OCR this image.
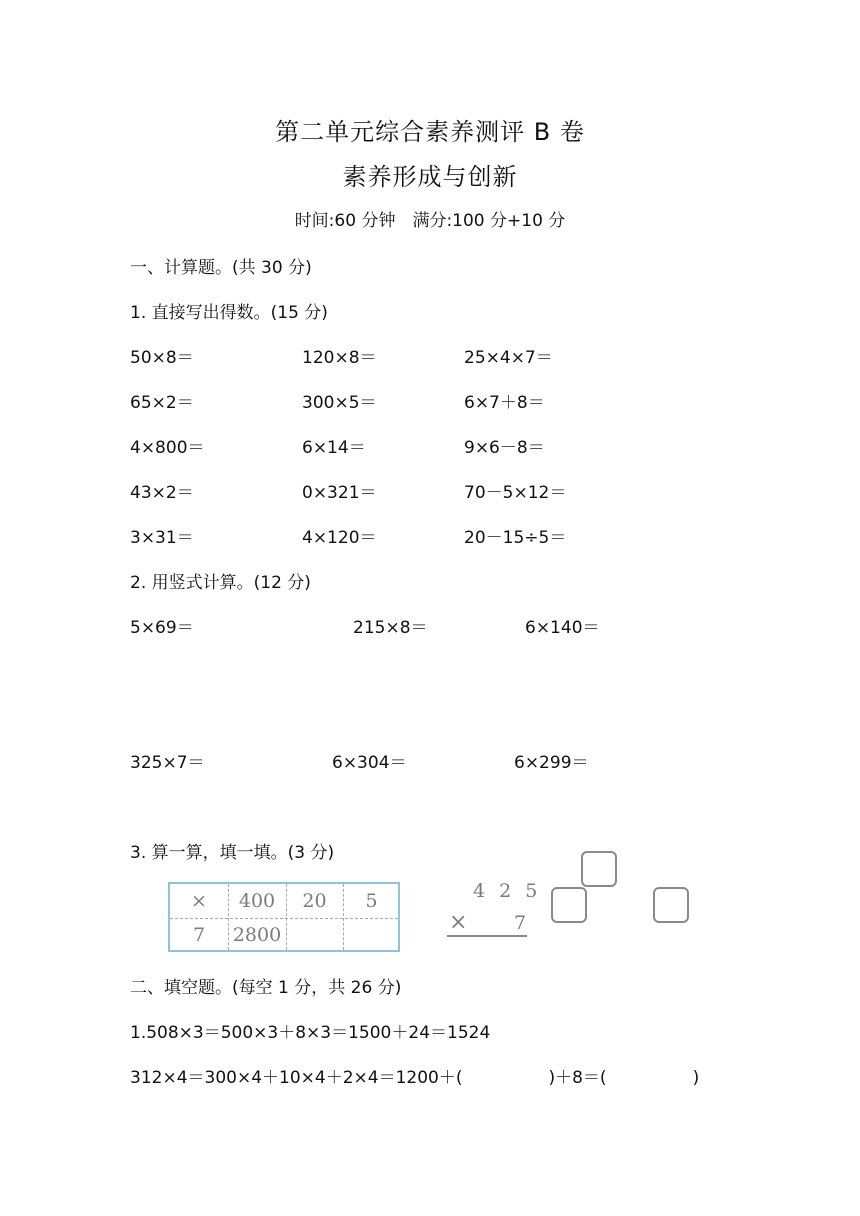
第二单元综合素养测评 B 卷
素养形成与创新
时间:60 分钟　满分:100 分+10 分
一、计算题。(共 30 分)
1. 直接写出得数。(15 分)
50×8＝	120×8＝	25×4×7＝
65×2＝	300×5＝	6×7＋8＝
4×800＝	6×14＝	9×6－8＝
43×2＝	0×321＝	70－5×12＝
3×31＝	4×120＝	20－15÷5＝
2. 用竖式计算。(12 分)
5×69＝	215×8＝	6×140＝
325×7＝	6×304＝	6×299＝
3. 算一算，填一填。(3 分)
×	400	20	5
7	2800
4 2 5
× 7
二、填空题。(每空 1 分，共 26 分)
1.508×3＝500×3＋8×3＝1500＋24＝1524
312×4＝300×4＋10×4＋2×4＝1200＋(	)＋8＝(	)
